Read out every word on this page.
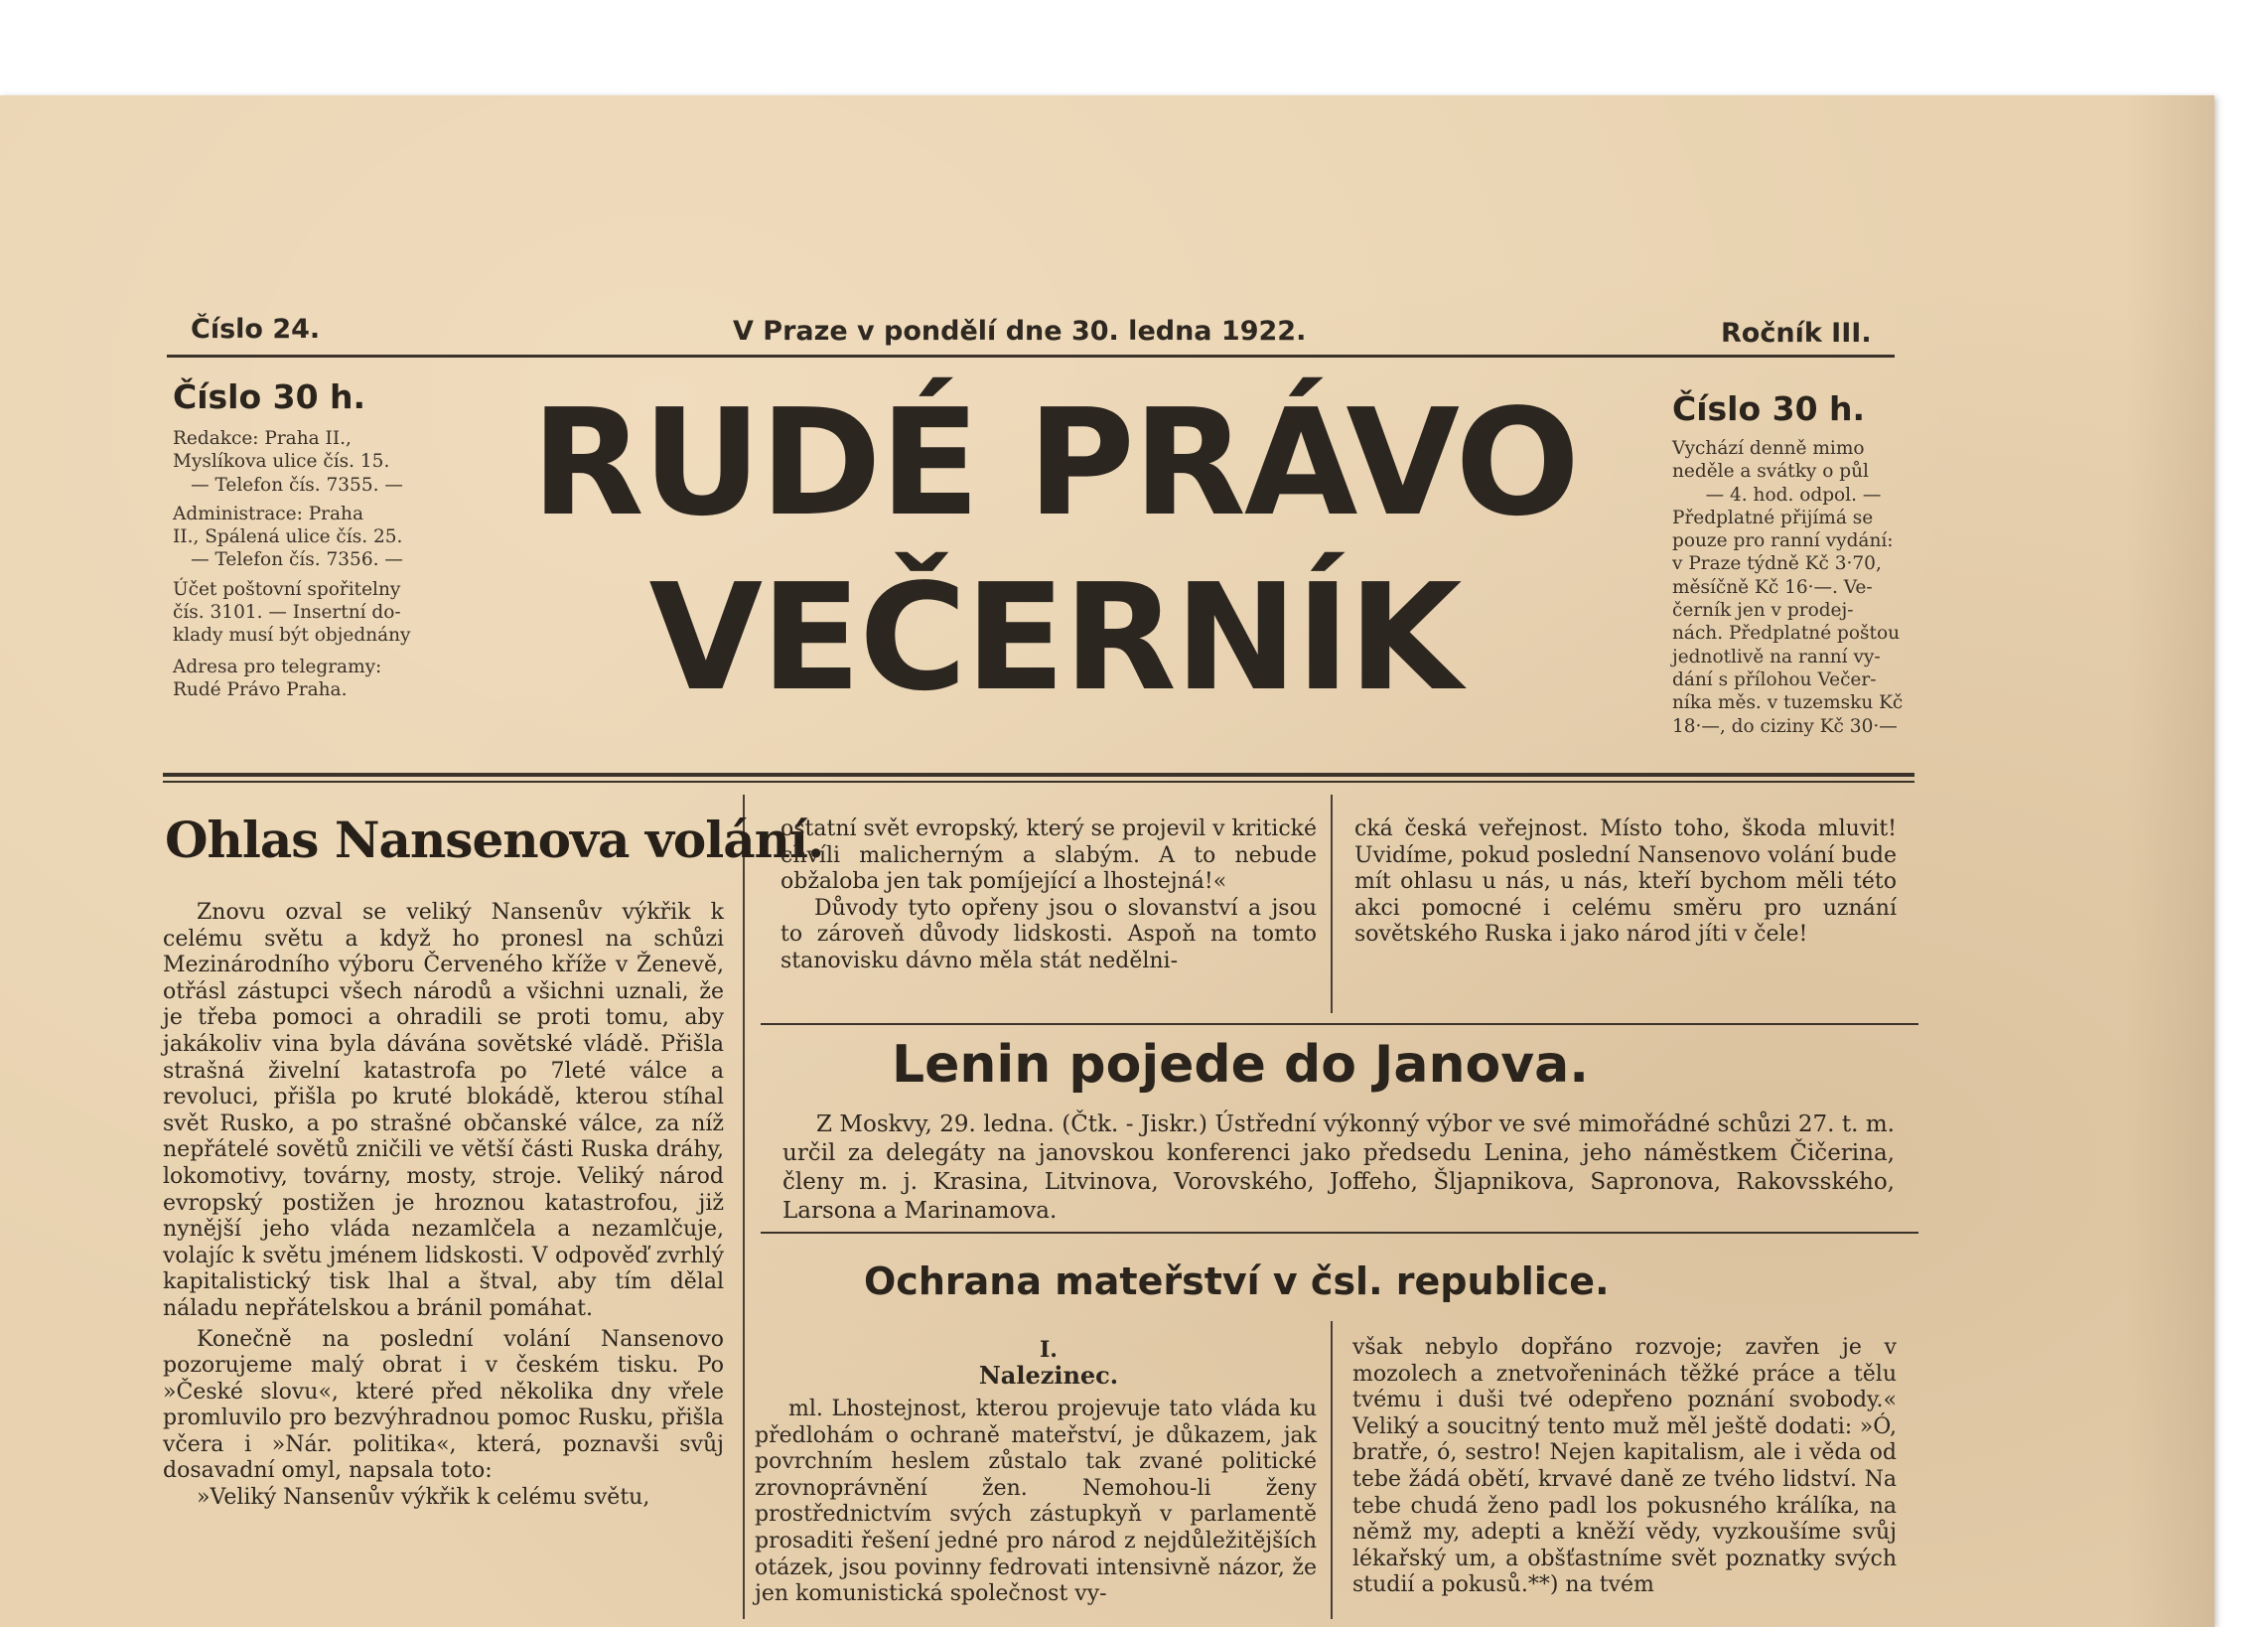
Číslo 24.	V Praze v pondělí dne 30. ledna 1922.	Ročník III.
Číslo 30 h.

Redakce: Praha II.,

Myslíkova ulice čís. 15.

— Telefon čís. 7355. —

Administrace: Praha

II., Spálená ulice čís. 25.

— Telefon čís. 7356. —

Účet poštovní spořitelny

čís. 3101. — Insertní do-

klady musí být objednány

Adresa pro telegramy:

Rudé Právo Praha.

RUDÉ PRÁVO
VEČERNÍK
Číslo 30 h.

Vychází denně mimo

neděle a svátky o půl

— 4. hod. odpol. —

Předplatné přijímá se

pouze pro ranní vydání:

v Praze týdně Kč 3·70,

měsíčně Kč 16·—. Ve-

černík jen v prodej-

nách. Předplatné poštou

jednotlivě na ranní vy-

dání s přílohou Večer-

níka měs. v tuzemsku Kč

18·—, do ciziny Kč 30·—

Ohlas Nansenova volání.

Znovu ozval se veliký Nansenův výkřik k celému světu a když ho pronesl na schůzi Mezinárodního výboru Červeného kříže v Ženevě, otřásl zástupci všech národů a všichni uznali, že je třeba pomoci a ohradili se proti tomu, aby jakákoliv vina byla dávána sovětské vládě. Přišla strašná živelní katastrofa po 7leté válce a revoluci, přišla po kruté blokádě, kterou stíhal svět Rusko, a po strašné občanské válce, za níž nepřátelé sovětů zničili ve větší části Ruska dráhy, lokomotivy, továrny, mosty, stroje. Veliký národ evropský postižen je hroznou katastrofou, již nynější jeho vláda nezamlčela a nezamlčuje, volajíc k světu jménem lidskosti. V odpověď zvrhlý kapitalistický tisk lhal a štval, aby tím dělal náladu nepřátelskou a bránil pomáhat.

Konečně na poslední volání Nansenovo pozorujeme malý obrat i v českém tisku. Po »České slovu«, které před několika dny vřele promluvilo pro bezvýhradnou pomoc Rusku, přišla včera i »Nár. politika«, která, poznavši svůj dosavadní omyl, napsala toto:

»Veliký Nansenův výkřik k celému světu,

ostatní svět evropský, který se projevil v kritické chvíli malicherným a slabým. A to nebude obžaloba jen tak pomíjející a lhostejná!«

Důvody tyto opřeny jsou o slovanství a jsou to zároveň důvody lidskosti. Aspoň na tomto stanovisku dávno měla stát nedělni-

cká česká veřejnost. Místo toho, škoda mluvit! Uvidíme, pokud poslední Nansenovo volání bude mít ohlasu u nás, u nás, kteří bychom měli této akci pomocné i celému směru pro uznání sovětského Ruska i jako národ jíti v čele!

Lenin pojede do Janova.

Z Moskvy, 29. ledna. (Čtk. - Jiskr.) Ústřední výkonný výbor ve své mimořádné schůzi 27. t. m. určil za delegáty na janovskou konferenci jako předsedu Lenina, jeho náměstkem Čičerina, členy m. j. Krasina, Litvinova, Vorovského, Joffeho, Šljapnikova, Sapronova, Rakovsského, Larsona a Marinamova.

Ochrana mateřství v čsl. republice.
I.
Nalezinec.

ml. Lhostejnost, kterou projevuje tato vláda ku předlohám o ochraně mateřství, je důkazem, jak povrchním heslem zůstalo tak zvané politické zrovnoprávnění žen. Nemohou-li ženy prostřednictvím svých zástupkyň v parlamentě prosaditi řešení jedné pro národ z nejdůležitějších otázek, jsou povinny fedrovati intensivně názor, že jen komunistická společnost vy-

však nebylo dopřáno rozvoje; zavřen je v mozolech a znetvořeninách těžké práce a tělu tvému i duši tvé odepřeno poznání svobody.« Veliký a soucitný tento muž měl ještě dodati: »Ó, bratře, ó, sestro! Nejen kapitalism, ale i věda od tebe žádá obětí, krvavé daně ze tvého lidství. Na tebe chudá ženo padl los pokusného králíka, na němž my, adepti a kněží vědy, vyzkoušíme svůj lékařský um, a obšťastníme svět poznatky svých studií a pokusů.**) na tvém
